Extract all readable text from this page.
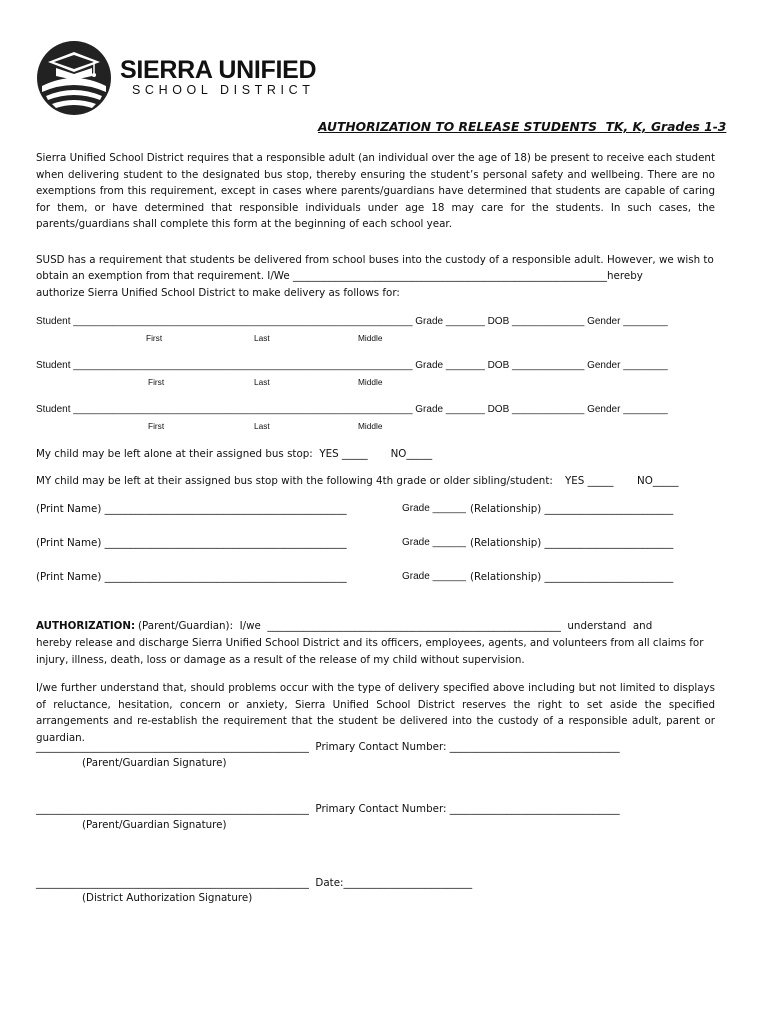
SIERRA UNIFIED
SCHOOL DISTRICT
AUTHORIZATION TO RELEASE STUDENTS  TK, K, Grades 1-3
Sierra Unified School District requires that a responsible adult (an individual over the age of 18) be present to receive each student when delivering student to the designated bus stop, thereby ensuring the student’s personal safety and wellbeing. There are no exemptions from this requirement, except in cases where parents/guardians have determined that students are capable of caring for them, or have determined that responsible individuals under age 18 may care for the students. In such cases, the parents/guardians shall complete this form at the beginning of each school year.
SUSD has a requirement that students be delivered from school buses into the custody of a responsible adult. However, we wish to
obtain an exemption from that requirement. I/We _____________________________________________________________hereby
authorize Sierra Unified School District to make delivery as follows for:
Student _____________________________________________________________ Grade _______ DOB _____________ Gender ________
First	Last	Middle
Student _____________________________________________________________ Grade _______ DOB _____________ Gender ________
First	Last	Middle
Student _____________________________________________________________ Grade _______ DOB _____________ Gender ________
First	Last	Middle
My child may be left alone at their assigned bus stop:  YES _____       NO_____
MY child may be left at their assigned bus stop with the following 4th grade or older sibling/student: YES _____ NO_____
(Print Name) _______________________________________________	Grade ______ (Relationship) _________________________
(Print Name) _______________________________________________	Grade ______ (Relationship) _________________________
(Print Name) _______________________________________________	Grade ______ (Relationship) _________________________
AUTHORIZATION: (Parent/Guardian):  I/we  _________________________________________________________  understand  and
hereby release and discharge Sierra Unified School District and its officers, employees, agents, and volunteers from all claims for
injury, illness, death, loss or damage as a result of the release of my child without supervision.
I/we further understand that, should problems occur with the type of delivery specified above including but not limited to displays of reluctance, hesitation, concern or anxiety, Sierra Unified School District reserves the right to set aside the specified arrangements and re-establish the requirement that the student be delivered into the custody of a responsible adult, parent or guardian.
_____________________________________________________  Primary Contact Number: _________________________________
(Parent/Guardian Signature)
_____________________________________________________  Primary Contact Number: _________________________________
(Parent/Guardian Signature)
_____________________________________________________  Date:_________________________
(District Authorization Signature)
